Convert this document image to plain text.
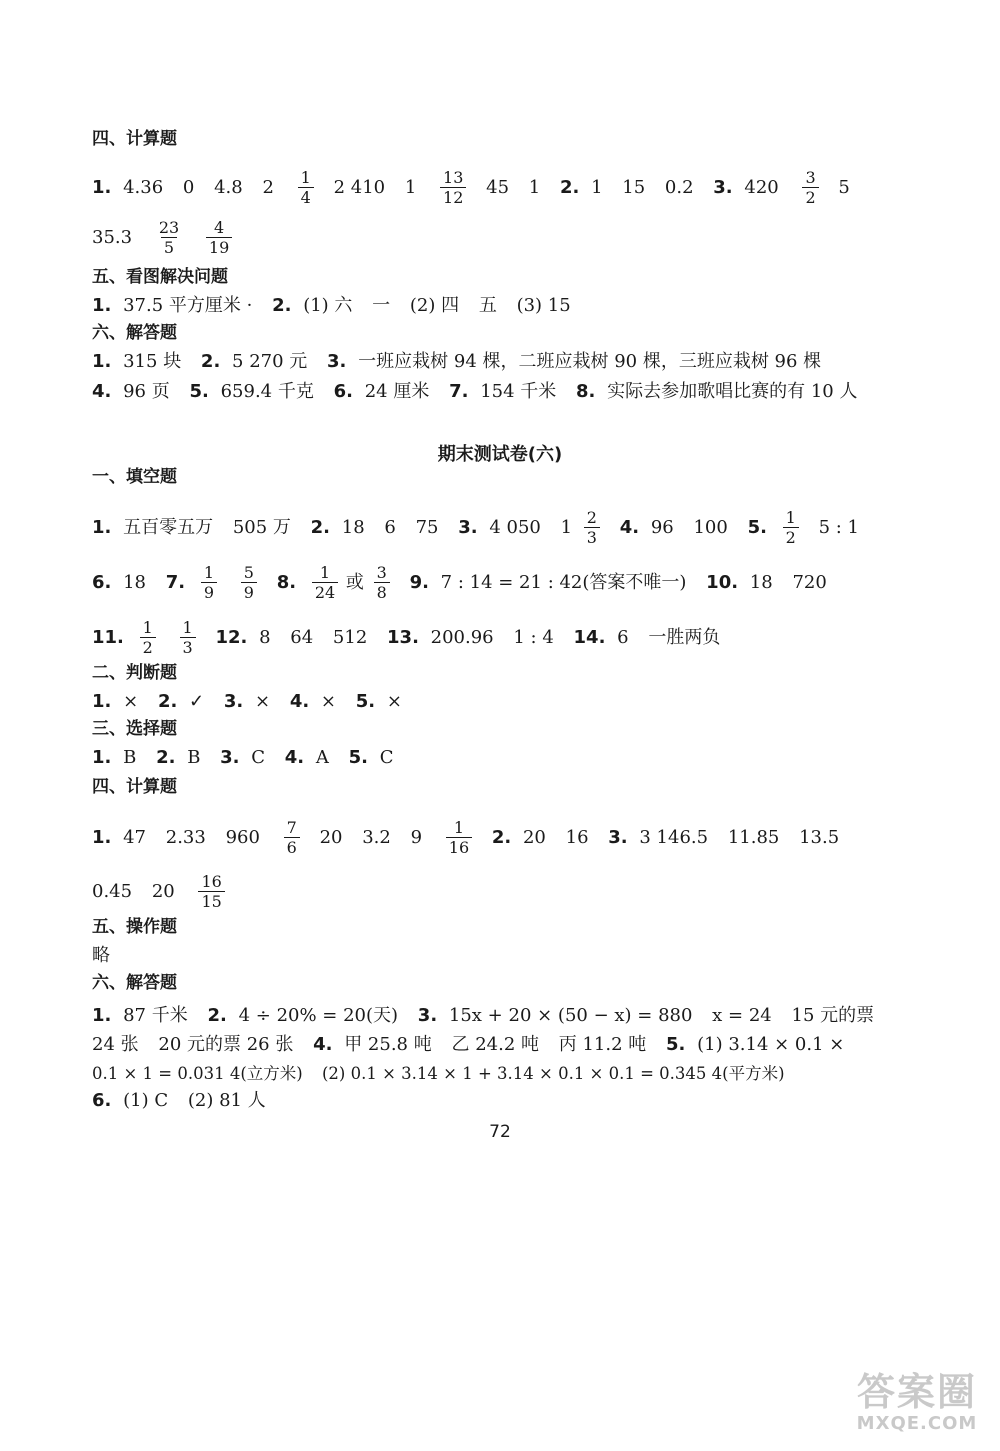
四、计算题
1. 4.36 0 4.8 $2 \frac{1}{4} 2$ 410 $1 \frac{13}{12} 45$ 1 2. 1 15 0.2 3. $420 \frac{3}{2} 5$
$35.3 \frac{23}{5}$
$\frac{4}{19}$
五、看图解决问题
1. 37.5 平方厘米 · 2. (1) 六 一 (2) 四 五 (3) 15
六、解答题
1. 315 块 2. 5 270 元 3. 一班应栽树 94 棵，二班应栽树 90 棵，三班应栽树 96 棵
4. 96 页 5. 659.4 千克 6. 24 厘米 7. 154 千米 8. 实际去参加歌唱比赛的有 10 人
期末测试卷(六)
一、填空题
1. 五百零五万 505 万 2. 18 6 75 3. 4 050 $1 \frac{2}{3} 4$. 96 100 5. $\frac{1}{2} 5$ : 1
6. 18 7. $\frac{1}{9}$
$\frac{5}{9} 8$. $\frac{1}{24}$ 或 $\frac{3}{8} 9$. 7 : 14 = 21 : 42(答案不唯一) 10. 18 720
11. $\frac{1}{2}$
$\frac{1}{3} 12$. 8 64 512 13. 200.96 1 : 4 14. 6 一胜两负
二、判断题
1. × 2. ✓ 3. × 4. × 5. ×
三、选择题
1. B 2. B 3. C 4. A 5. C
四、计算题
1. 47 2.33 $960 \frac{7}{6} 20$ 3.2 $9 \frac{1}{16} 2$. 20 16 3. 3 146.5 11.85 13.5
0.45 $20 \frac{16}{15}$
五、操作题
略
六、解答题
1. 87 千米 2. 4 ÷ 20% = 20(天) 3. 15x + 20 × (50 − x) = 880 x = 24 15 元的票
24 张 20 元的票 26 张 4. 甲 25.8 吨 乙 24.2 吨 丙 11.2 吨 5. (1) 3.14 × 0.1 ×
0.1 × 1 = 0.031 4(立方米) (2) 0.1 × 3.14 × 1 + 3.14 × 0.1 × 0.1 = 0.345 4(平方米)
6. (1) C (2) 81 人
72
答案圈
MXQE.COM
